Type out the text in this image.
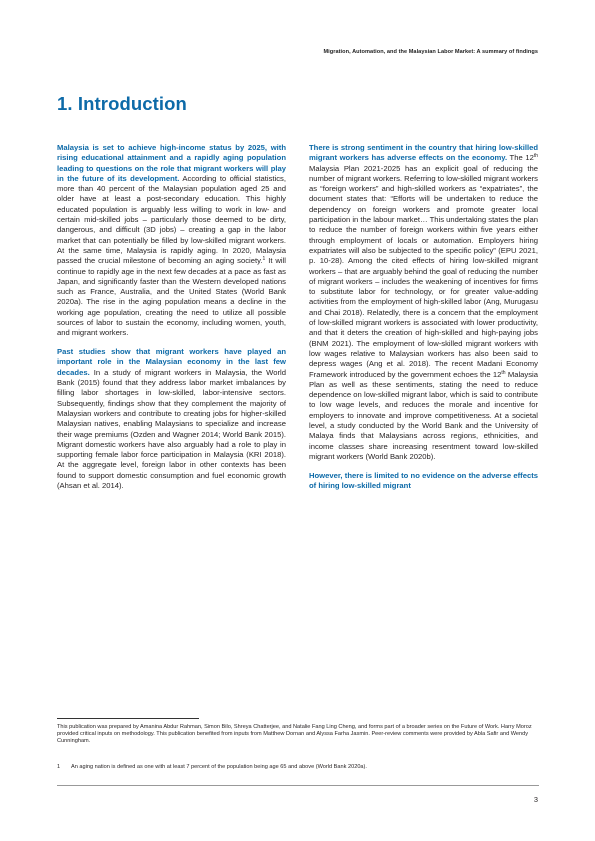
Migration, Automation, and the Malaysian Labor Market: A summary of findings
1. Introduction

Malaysia is set to achieve high-income status by 2025, with rising educational attainment and a rapidly aging population leading to questions on the role that migrant workers will play in the future of its development. According to official statistics, more than 40 percent of the Malaysian population aged 25 and older have at least a post-secondary education. This highly educated population is arguably less willing to work in low- and certain mid-skilled jobs – particularly those deemed to be dirty, dangerous, and difficult (3D jobs) – creating a gap in the labor market that can potentially be filled by low-skilled migrant workers. At the same time, Malaysia is rapidly aging. In 2020, Malaysia passed the crucial milestone of becoming an aging society.$^1$ It will continue to rapidly age in the next few decades at a pace as fast as Japan, and significantly faster than the Western developed nations such as France, Australia, and the United States (World Bank 2020a). The rise in the aging population means a decline in the working age population, creating the need to utilize all possible sources of labor to sustain the economy, including women, youth, and migrant workers.

Past studies show that migrant workers have played an important role in the Malaysian economy in the last few decades. In a study of migrant workers in Malaysia, the World Bank (2015) found that they address labor market imbalances by filling labor shortages in low-skilled, labor-intensive sectors. Subsequently, findings show that they complement the majority of Malaysian workers and contribute to creating jobs for higher-skilled Malaysian natives, enabling Malaysians to specialize and increase their wage premiums (Ozden and Wagner 2014; World Bank 2015). Migrant domestic workers have also arguably had a role to play in supporting female labor force participation in Malaysia (KRI 2018). At the aggregate level, foreign labor in other contexts has been found to support domestic consumption and fuel economic growth (Ahsan et al. 2014).

There is strong sentiment in the country that hiring low-skilled migrant workers has adverse effects on the economy. The 12th Malaysia Plan 2021-2025 has an explicit goal of reducing the number of migrant workers. Referring to low-skilled migrant workers as “foreign workers” and high-skilled workers as “expatriates”, the document states that: “Efforts will be undertaken to reduce the dependency on foreign workers and promote greater local participation in the labour market… This undertaking states the plan to reduce the number of foreign workers within five years either through employment of locals or automation. Employers hiring expatriates will also be subjected to the specific policy” (EPU 2021, p. 10-28). Among the cited effects of hiring low-skilled migrant workers – that are arguably behind the goal of reducing the number of migrant workers – includes the weakening of incentives for firms to substitute labor for technology, or for greater value-adding activities from the employment of high-skilled labor (Ang, Murugasu and Chai 2018). Relatedly, there is a concern that the employment of low-skilled migrant workers is associated with lower productivity, and that it deters the creation of high-skilled and high-paying jobs (BNM 2021). The employment of low-skilled migrant workers with low wages relative to Malaysian workers has also been said to depress wages (Ang et al. 2018). The recent Madani Economy Framework introduced by the government echoes the 12th Malaysia Plan as well as these sentiments, stating the need to reduce dependence on low-skilled migrant labor, which is said to contribute to low wage levels, and reduces the morale and incentive for employers to innovate and improve competitiveness. At a societal level, a study conducted by the World Bank and the University of Malaya finds that Malaysians across regions, ethnicities, and income classes share increasing resentment toward low-skilled migrant workers (World Bank 2020b).

However, there is limited to no evidence on the adverse effects of hiring low-skilled migrant

This publication was prepared by Amanina Abdur Rahman, Simon Bilo, Shreya Chatterjee, and Natalie Fang Ling Cheng, and forms part of a broader series on the Future of Work. Harry Moroz provided critical inputs on methodology. This publication benefited from inputs from Matthew Dornan and Alyssa Farha Jasmin. Peer-review comments were provided by Abla Safir and Wendy Cunningham.

1	An aging nation is defined as one with at least 7 percent of the population being age 65 and above (World Bank 2020a).

3
